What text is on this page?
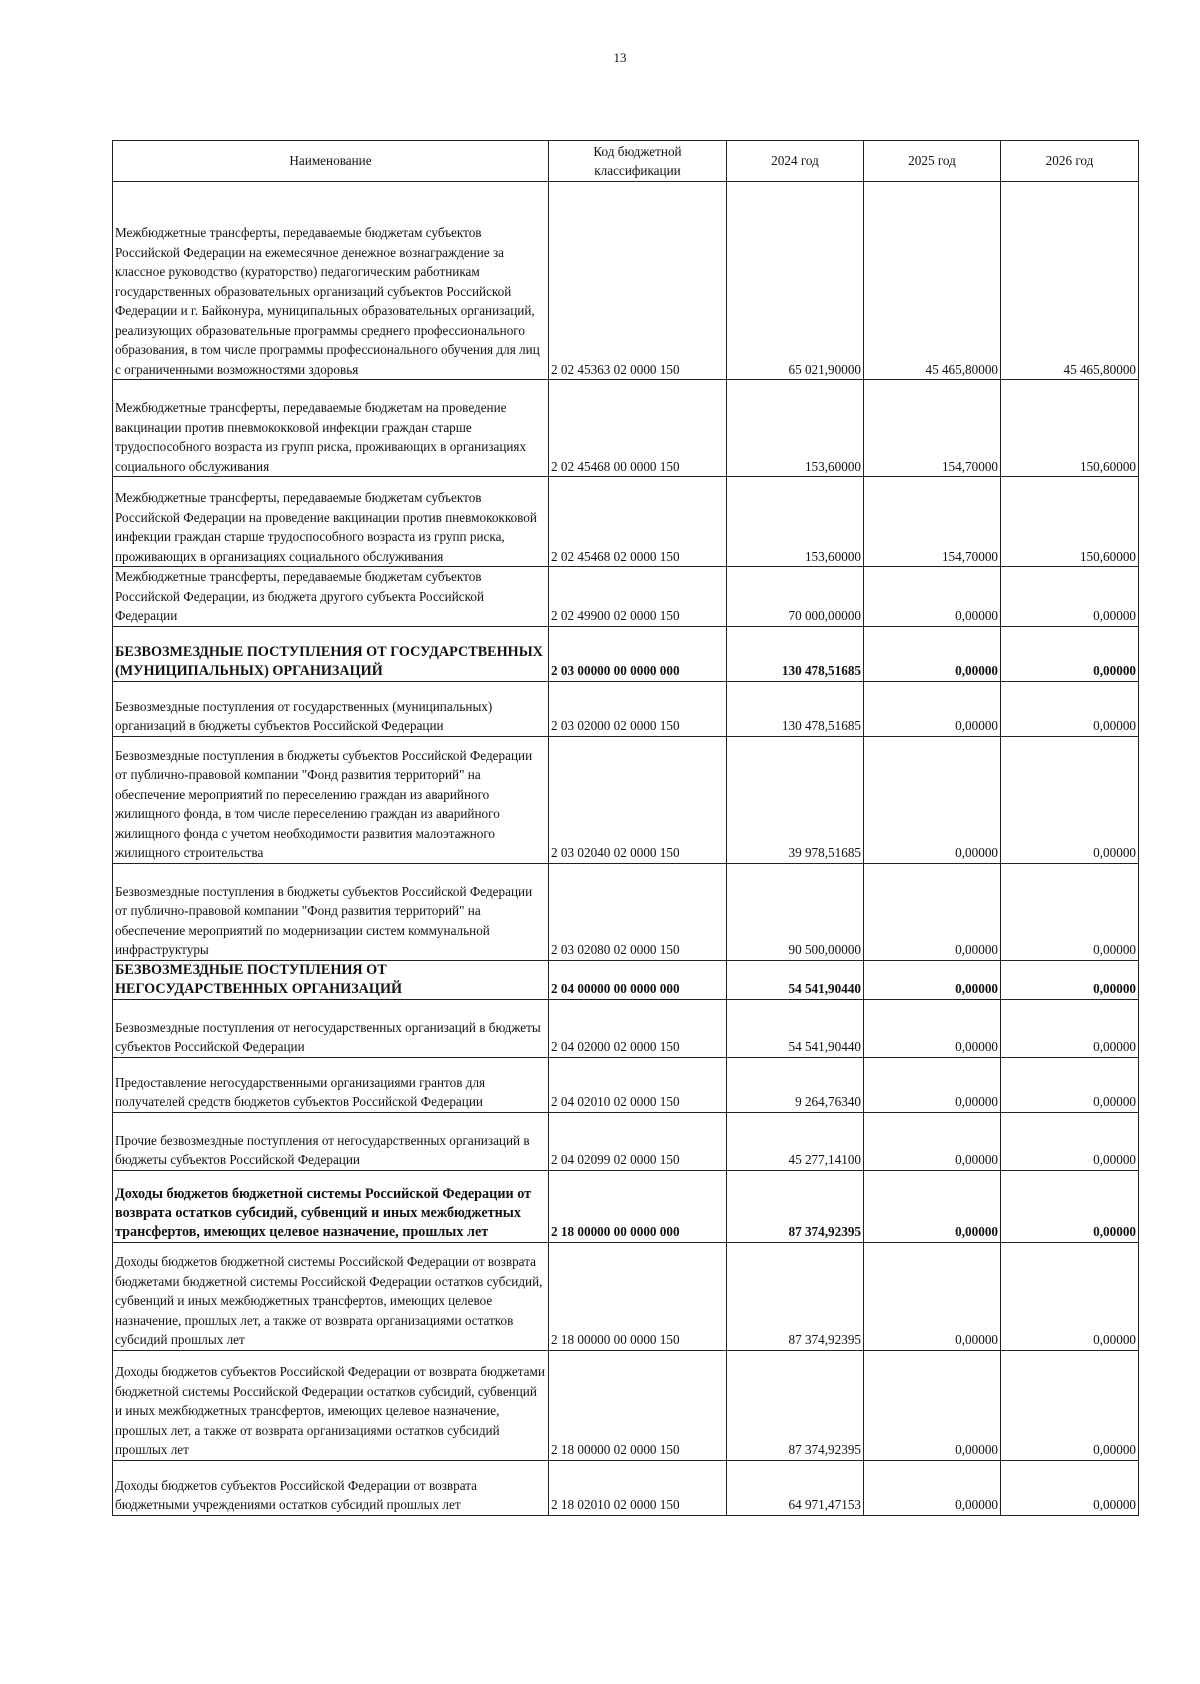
13
Наименование	Код бюджетной классификации	2024 год	2025 год	2026 год
Межбюджетные трансферты, передаваемые бюджетам субъектов Российской Федерации на ежемесячное денежное вознаграждение за классное руководство (кураторство) педагогическим работникам государственных образовательных организаций субъектов Российской Федерации и г. Байконура, муниципальных образовательных организаций, реализующих образовательные программы среднего профессионального образования, в том числе программы профессионального обучения для лиц с ограниченными возможностями здоровья	2 02 45363 02 0000 150	65 021,90000	45 465,80000	45 465,80000
Межбюджетные трансферты, передаваемые бюджетам на проведение вакцинации против пневмококковой инфекции граждан старше трудоспособного возраста из групп риска, проживающих в организациях социального обслуживания	2 02 45468 00 0000 150	153,60000	154,70000	150,60000
Межбюджетные трансферты, передаваемые бюджетам субъектов Российской Федерации на проведение вакцинации против пневмококковой инфекции граждан старше трудоспособного возраста из групп риска, проживающих в организациях социального обслуживания	2 02 45468 02 0000 150	153,60000	154,70000	150,60000
Межбюджетные трансферты, передаваемые бюджетам субъектов Российской Федерации, из бюджета другого субъекта Российской Федерации	2 02 49900 02 0000 150	70 000,00000	0,00000	0,00000
БЕЗВОЗМЕЗДНЫЕ ПОСТУПЛЕНИЯ ОТ ГОСУДАРСТВЕННЫХ (МУНИЦИПАЛЬНЫХ) ОРГАНИЗАЦИЙ	2 03 00000 00 0000 000	130 478,51685	0,00000	0,00000
Безвозмездные поступления от государственных (муниципальных) организаций в бюджеты субъектов Российской Федерации	2 03 02000 02 0000 150	130 478,51685	0,00000	0,00000
Безвозмездные поступления в бюджеты субъектов Российской Федерации от публично-правовой компании "Фонд развития территорий" на обеспечение мероприятий по переселению граждан из аварийного жилищного фонда, в том числе переселению граждан из аварийного жилищного фонда с учетом необходимости развития малоэтажного жилищного строительства	2 03 02040 02 0000 150	39 978,51685	0,00000	0,00000
Безвозмездные поступления в бюджеты субъектов Российской Федерации от публично-правовой компании "Фонд развития территорий" на обеспечение мероприятий по модернизации систем коммунальной инфраструктуры	2 03 02080 02 0000 150	90 500,00000	0,00000	0,00000
БЕЗВОЗМЕЗДНЫЕ ПОСТУПЛЕНИЯ ОТ НЕГОСУДАРСТВЕННЫХ ОРГАНИЗАЦИЙ	2 04 00000 00 0000 000	54 541,90440	0,00000	0,00000
Безвозмездные поступления от негосударственных организаций в бюджеты субъектов Российской Федерации	2 04 02000 02 0000 150	54 541,90440	0,00000	0,00000
Предоставление негосударственными организациями грантов для получателей средств бюджетов субъектов Российской Федерации	2 04 02010 02 0000 150	9 264,76340	0,00000	0,00000
Прочие безвозмездные поступления от негосударственных организаций в бюджеты субъектов Российской Федерации	2 04 02099 02 0000 150	45 277,14100	0,00000	0,00000
Доходы бюджетов бюджетной системы Российской Федерации от возврата остатков субсидий, субвенций и иных межбюджетных трансфертов, имеющих целевое назначение, прошлых лет	2 18 00000 00 0000 000	87 374,92395	0,00000	0,00000
Доходы бюджетов бюджетной системы Российской Федерации от возврата бюджетами бюджетной системы Российской Федерации остатков субсидий, субвенций и иных межбюджетных трансфертов, имеющих целевое назначение, прошлых лет, а также от возврата организациями остатков субсидий прошлых лет	2 18 00000 00 0000 150	87 374,92395	0,00000	0,00000
Доходы бюджетов субъектов Российской Федерации от возврата бюджетами бюджетной системы Российской Федерации остатков субсидий, субвенций и иных межбюджетных трансфертов, имеющих целевое назначение, прошлых лет, а также от возврата организациями остатков субсидий прошлых лет	2 18 00000 02 0000 150	87 374,92395	0,00000	0,00000
Доходы бюджетов субъектов Российской Федерации от возврата бюджетными учреждениями остатков субсидий прошлых лет	2 18 02010 02 0000 150	64 971,47153	0,00000	0,00000
